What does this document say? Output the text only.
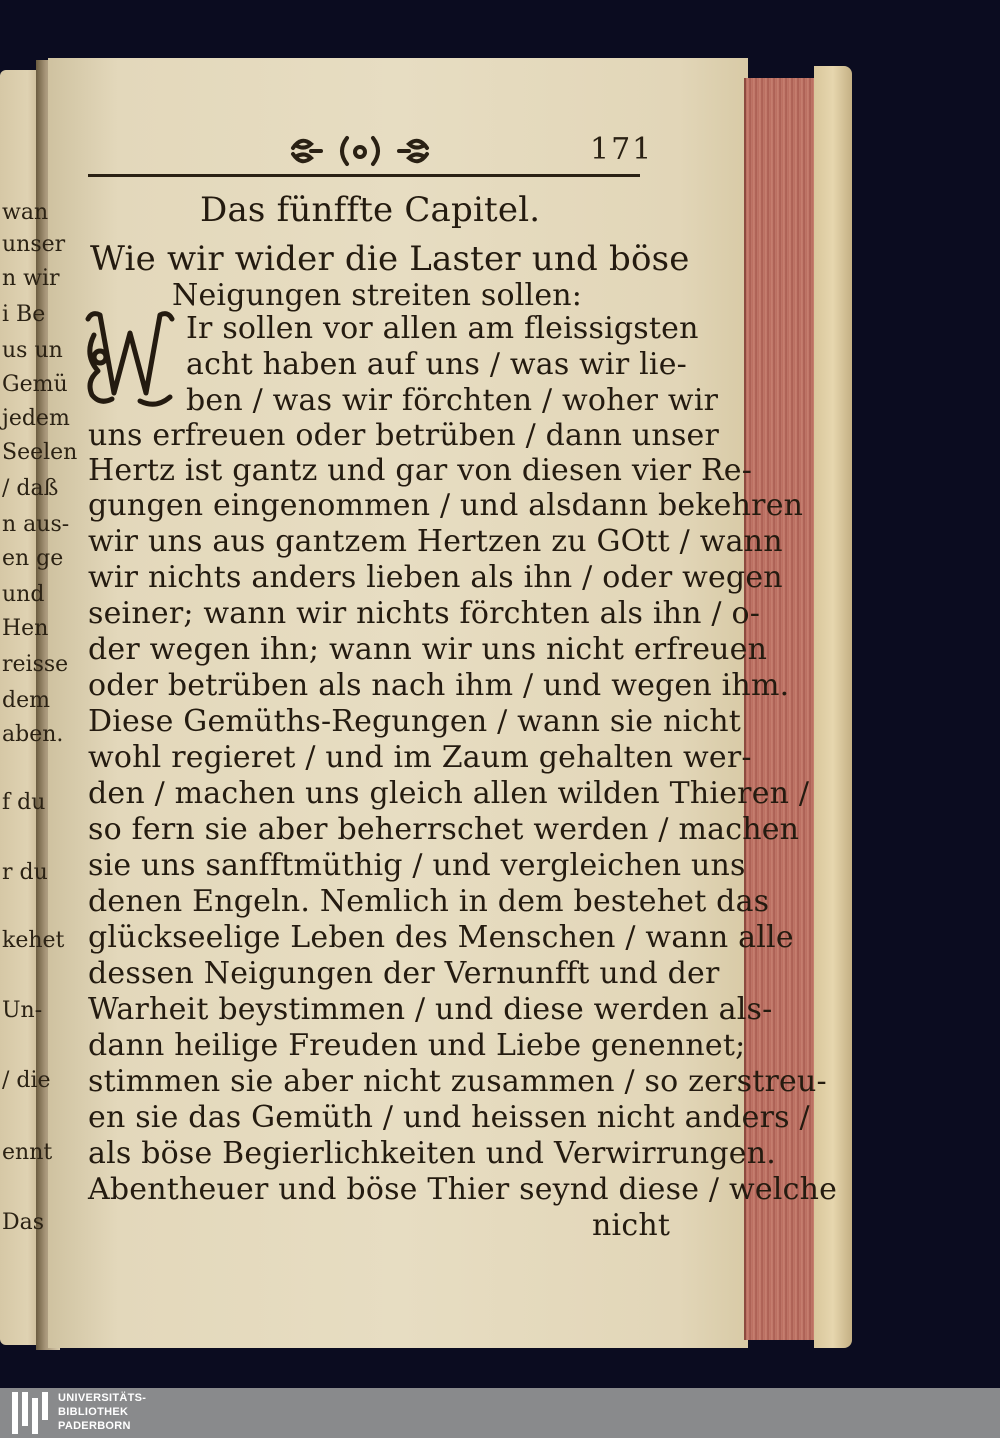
wan
unser
n wir
i Be
us un
Gemü
jedem
Seelen
/ daß
n aus-
en ge
und
Hen
reisse
dem
aben.
f du
r du
kehet
Un-
/ die
ennt
Das
171
Das fünffte Capitel.
Wie wir wider die Laster und böse
Neigungen streiten sollen:
Ir sollen vor allen am fleissigsten
acht haben auf uns / was wir lie-
ben / was wir förchten / woher wir
uns erfreuen oder betrüben / dann unser
Hertz ist gantz und gar von diesen vier Re-
gungen eingenommen / und alsdann bekehren
wir uns aus gantzem Hertzen zu GOtt / wann
wir nichts anders lieben als ihn / oder wegen
seiner; wann wir nichts förchten als ihn / o-
der wegen ihn; wann wir uns nicht erfreuen
oder betrüben als nach ihm / und wegen ihm.
Diese Gemüths-Regungen / wann sie nicht
wohl regieret / und im Zaum gehalten wer-
den / machen uns gleich allen wilden Thieren /
so fern sie aber beherrschet werden / machen
sie uns sanfftmüthig / und vergleichen uns
denen Engeln. Nemlich in dem bestehet das
glückseelige Leben des Menschen / wann alle
dessen Neigungen der Vernunfft und der
Warheit beystimmen / und diese werden als-
dann heilige Freuden und Liebe genennet;
stimmen sie aber nicht zusammen / so zerstreu-
en sie das Gemüth / und heissen nicht anders /
als böse Begierlichkeiten und Verwirrungen.
Abentheuer und böse Thier seynd diese / welche
nicht
UNIVERSITÄTS-
BIBLIOTHEK
PADERBORN
